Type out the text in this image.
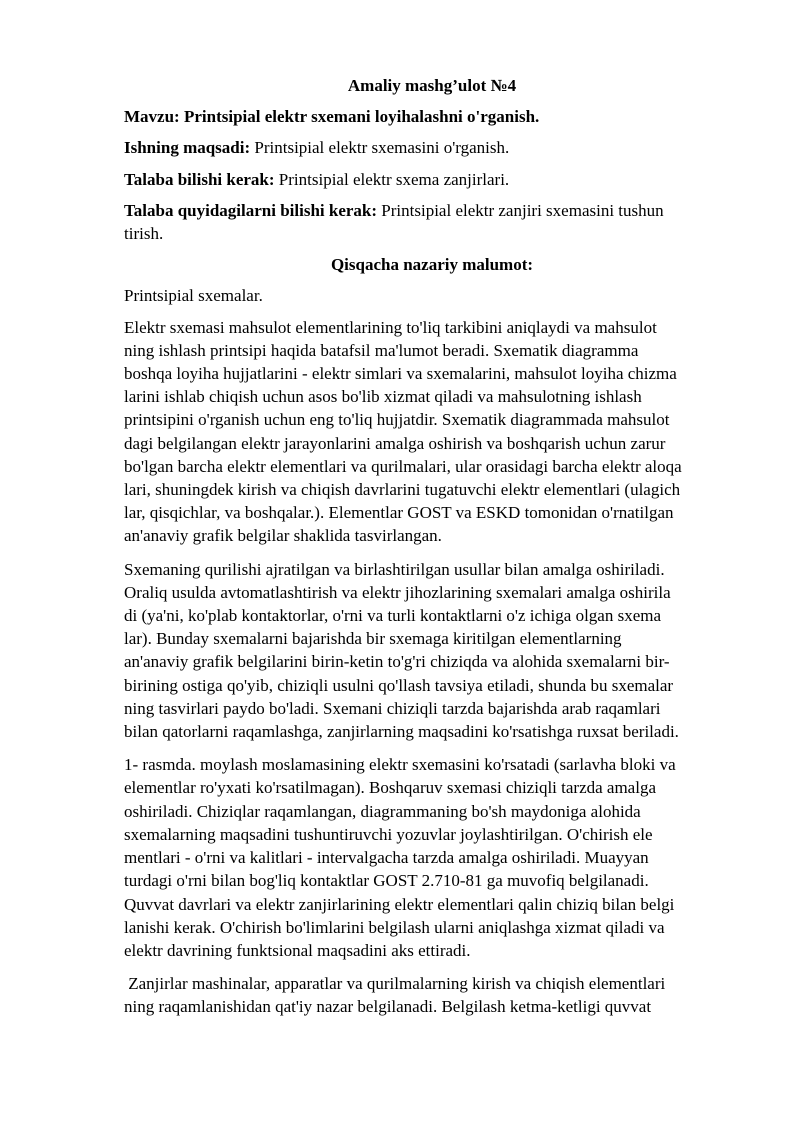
Amaliy mashg’ulot №4
Mavzu: Printsipial elektr sxemani loyihalashni o'rganish.
Ishning maqsadi: Printsipial elektr sxemasini o'rganish.
Talaba bilishi kerak: Printsipial elektr sxema zanjirlari.
Talaba quyidagilarni bilishi kerak: Printsipial elektr zanjiri sxemasini tushun
tirish.
Qisqacha nazariy malumot:
Printsipial sxemalar.
Elektr sxemasi mahsulot elementlarining to'liq tarkibini aniqlaydi va mahsulot
ning ishlash printsipi haqida batafsil ma'lumot beradi. Sxematik diagramma
boshqa loyiha hujjatlarini - elektr simlari va sxemalarini, mahsulot loyiha chizma
larini ishlab chiqish uchun asos bo'lib xizmat qiladi va mahsulotning ishlash
printsipini o'rganish uchun eng to'liq hujjatdir. Sxematik diagrammada mahsulot
dagi belgilangan elektr jarayonlarini amalga oshirish va boshqarish uchun zarur
bo'lgan barcha elektr elementlari va qurilmalari, ular orasidagi barcha elektr aloqa
lari, shuningdek kirish va chiqish davrlarini tugatuvchi elektr elementlari (ulagich
lar, qisqichlar, va boshqalar.). Elementlar GOST va ESKD tomonidan o'rnatilgan
an'anaviy grafik belgilar shaklida tasvirlangan.
Sxemaning qurilishi ajratilgan va birlashtirilgan usullar bilan amalga oshiriladi.
Oraliq usulda avtomatlashtirish va elektr jihozlarining sxemalari amalga oshirila
di (ya'ni, ko'plab kontaktorlar, o'rni va turli kontaktlarni o'z ichiga olgan sxema
lar). Bunday sxemalarni bajarishda bir sxemaga kiritilgan elementlarning
an'anaviy grafik belgilarini birin-ketin to'g'ri chiziqda va alohida sxemalarni bir-
birining ostiga qo'yib, chiziqli usulni qo'llash tavsiya etiladi, shunda bu sxemalar
ning tasvirlari paydo bo'ladi. Sxemani chiziqli tarzda bajarishda arab raqamlari
bilan qatorlarni raqamlashga, zanjirlarning maqsadini ko'rsatishga ruxsat beriladi.
1- rasmda. moylash moslamasining elektr sxemasini ko'rsatadi (sarlavha bloki va
elementlar ro'yxati ko'rsatilmagan). Boshqaruv sxemasi chiziqli tarzda amalga
oshiriladi. Chiziqlar raqamlangan, diagrammaning bo'sh maydoniga alohida
sxemalarning maqsadini tushuntiruvchi yozuvlar joylashtirilgan. O'chirish ele
mentlari - o'rni va kalitlari - intervalgacha tarzda amalga oshiriladi. Muayyan
turdagi o'rni bilan bog'liq kontaktlar GOST 2.710-81 ga muvofiq belgilanadi.
Quvvat davrlari va elektr zanjirlarining elektr elementlari qalin chiziq bilan belgi
lanishi kerak. O'chirish bo'limlarini belgilash ularni aniqlashga xizmat qiladi va
elektr davrining funktsional maqsadini aks ettiradi.
Zanjirlar mashinalar, apparatlar va qurilmalarning kirish va chiqish elementlari
ning raqamlanishidan qat'iy nazar belgilanadi. Belgilash ketma-ketligi quvvat
